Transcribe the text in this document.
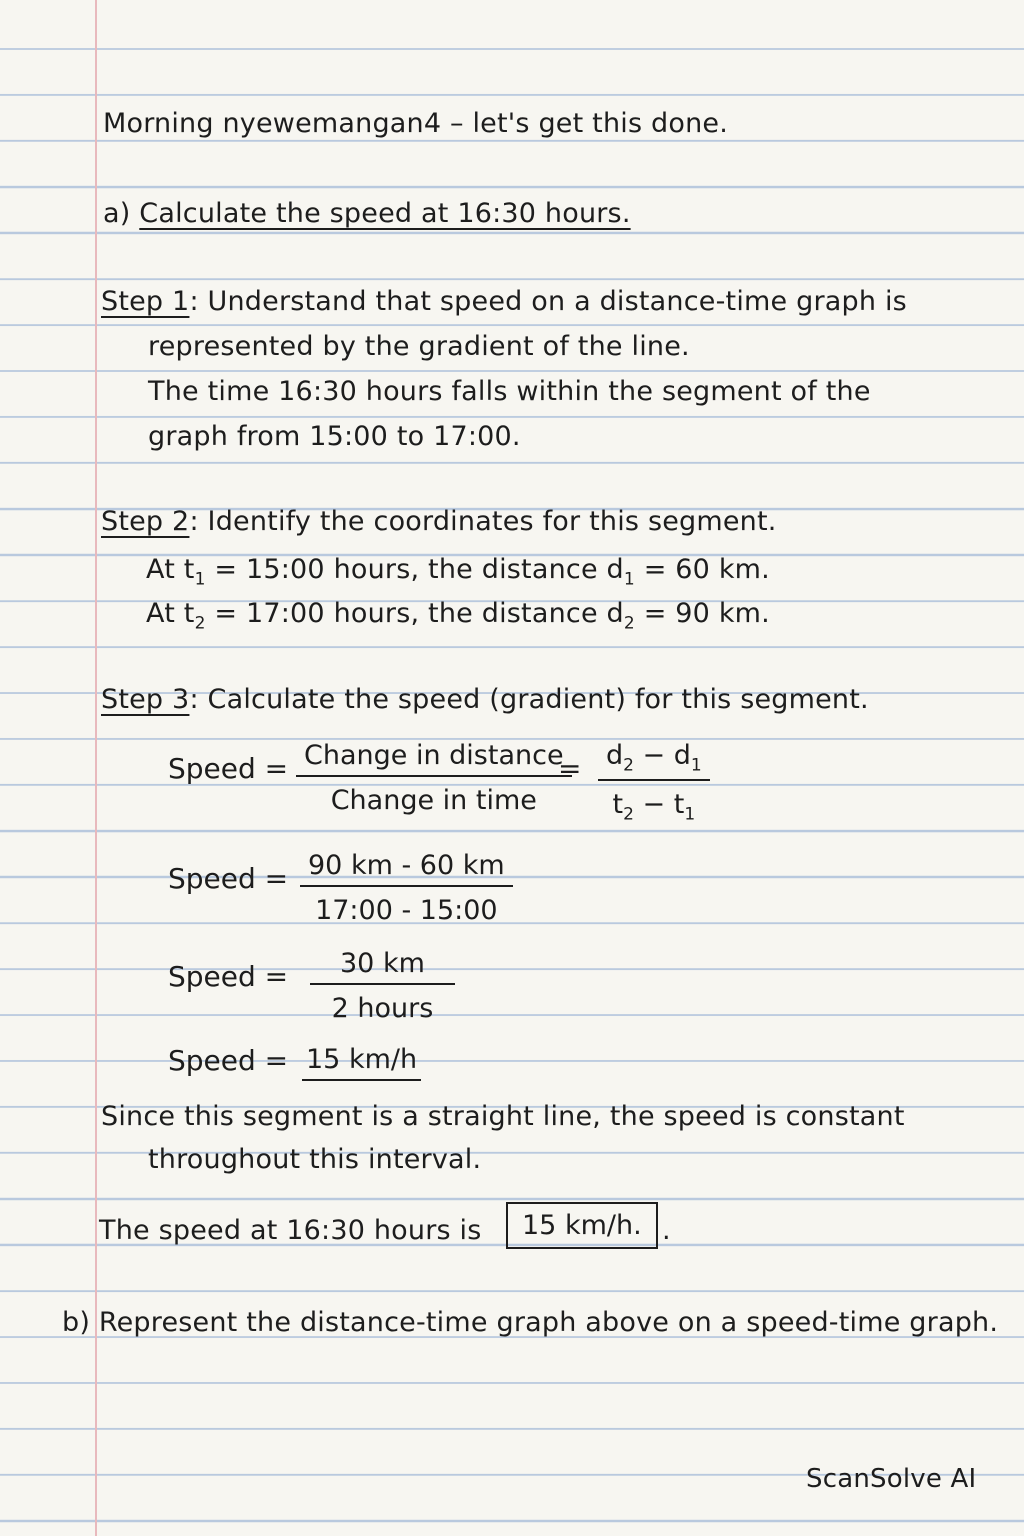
Morning nyewemangan4 – let's get this done.
a) Calculate the speed at 16:30 hours.
Step 1: Understand that speed on a distance-time graph is
represented by the gradient of the line.
The time 16:30 hours falls within the segment of the
graph from 15:00 to 17:00.
Step 2: Identify the coordinates for this segment.
At $t_1$ = 15:00 hours, the distance $d_1 = 60$ km.
At $t_2$ = 17:00 hours, the distance $d_2 = 90$ km.
Step 3: Calculate the speed (gradient) for this segment.
Speed = Change in distance
Change in time
= $\frac{d_2 - d_1}{t_2 - t_1}$
Speed = $\frac{90 km - 60 km}{17:00 - 15:00}$
Speed =	30 km
2 hours
Speed = 15 km/h
Since this segment is a straight line, the speed is constant
throughout this interval.
The speed at 16:30 hours is	15 km/h. .
b) Represent the distance-time graph above on a speed-time graph.
ScanSolve AI
